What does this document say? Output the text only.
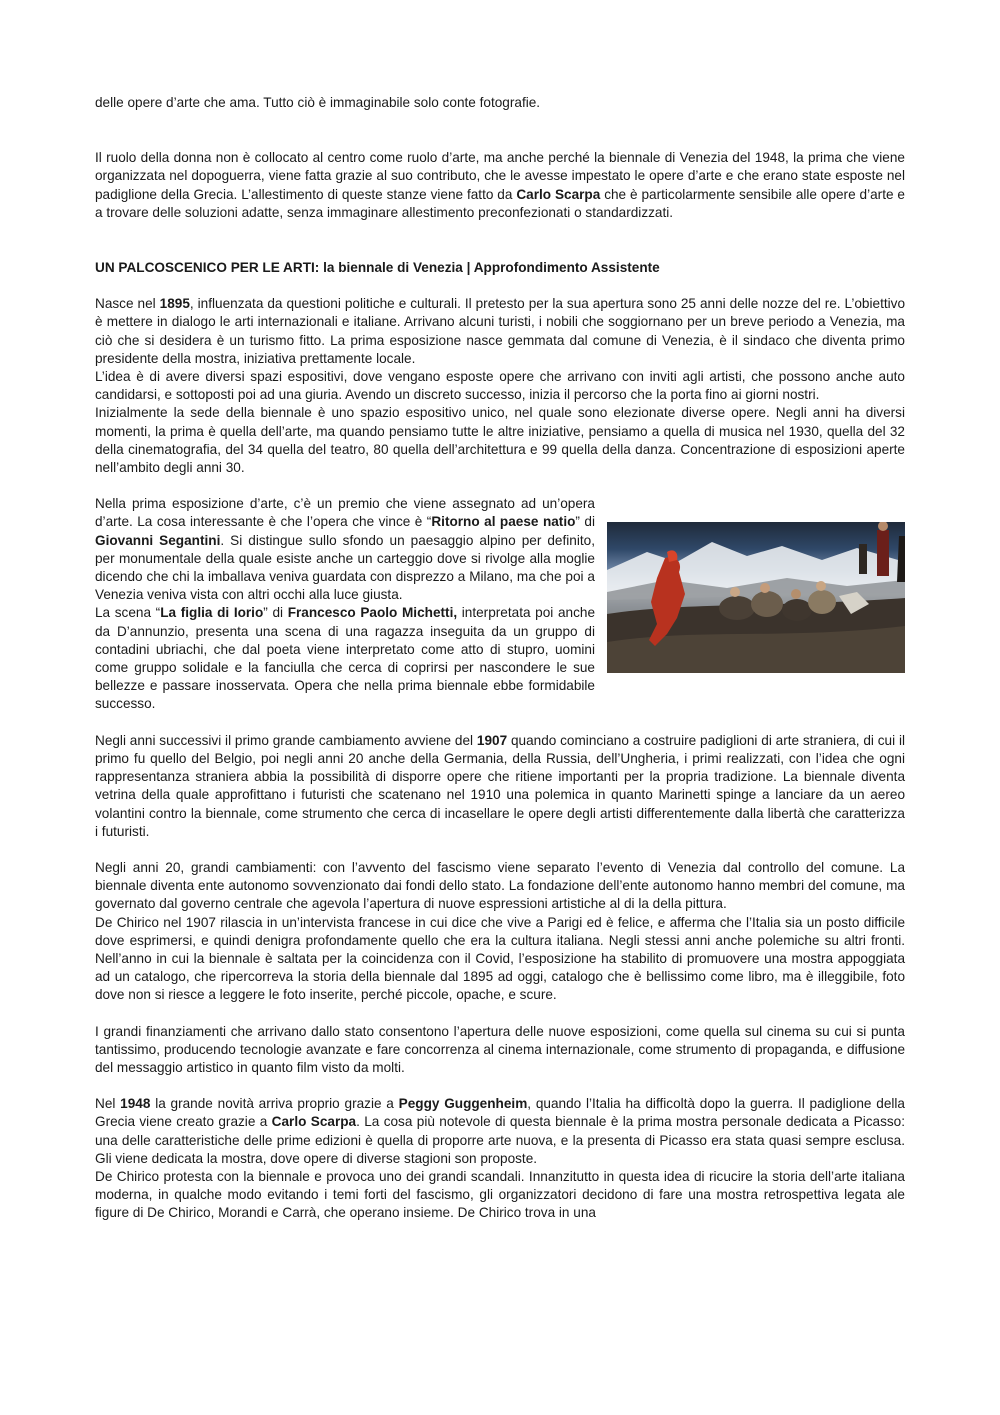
delle opere d’arte che ama. Tutto ciò è immaginabile solo conte fotografie.

Il ruolo della donna non è collocato al centro come ruolo d’arte, ma anche perché la biennale di Venezia del 1948, la prima che viene organizzata nel dopoguerra, viene fatta grazie al suo contributo, che le avesse impestato le opere d’arte e che erano state esposte nel padiglione della Grecia. L’allestimento di queste stanze viene fatto da Carlo Scarpa che è particolarmente sensibile alle opere d’arte e a trovare delle soluzioni adatte, senza immaginare allestimento preconfezionati o standardizzati.

UN PALCOSCENICO PER LE ARTI: la biennale di Venezia | Approfondimento Assistente

Nasce nel 1895, influenzata da questioni politiche e culturali. Il pretesto per la sua apertura sono 25 anni delle nozze del re. L’obiettivo è mettere in dialogo le arti internazionali e italiane. Arrivano alcuni turisti, i nobili che soggiornano per un breve periodo a Venezia, ma ciò che si desidera è un turismo fitto. La prima esposizione nasce gemmata dal comune di Venezia, è il sindaco che diventa primo presidente della mostra, iniziativa prettamente locale.

L’idea è di avere diversi spazi espositivi, dove vengano esposte opere che arrivano con inviti agli artisti, che possono anche auto candidarsi, e sottoposti poi ad una giuria. Avendo un discreto successo, inizia il percorso che la porta fino ai giorni nostri.

Inizialmente la sede della biennale è uno spazio espositivo unico, nel quale sono elezionate diverse opere. Negli anni ha diversi momenti, la prima è quella dell’arte, ma quando pensiamo tutte le altre iniziative, pensiamo a quella di musica nel 1930, quella del 32 della cinematografia, del 34 quella del teatro, 80 quella dell’architettura e 99 quella della danza. Concentrazione di esposizioni aperte nell’ambito degli anni 30.

Nella prima esposizione d’arte, c’è un premio che viene assegnato ad un’opera d’arte. La cosa interessante è che l’opera che vince è “Ritorno al paese natio” di Giovanni Segantini. Si distingue sullo sfondo un paesaggio alpino per definito, per monumentale della quale esiste anche un carteggio dove si rivolge alla moglie dicendo che chi la imballava veniva guardata con disprezzo a Milano, ma che poi a Venezia veniva vista con altri occhi alla luce giusta.

La scena “La figlia di Iorio” di Francesco Paolo Michetti, interpretata poi anche da D’annunzio, presenta una scena di una ragazza inseguita da un gruppo di contadini ubriachi, che dal poeta viene interpretato come atto di stupro, uomini come gruppo solidale e la fanciulla che cerca di coprirsi per nascondere le sue bellezze e passare inosservata. Opera che nella prima biennale ebbe formidabile successo.

Negli anni successivi il primo grande cambiamento avviene del 1907 quando cominciano a costruire padiglioni di arte straniera, di cui il primo fu quello del Belgio, poi negli anni 20 anche della Germania, della Russia, dell’Ungheria, i primi realizzati, con l’idea che ogni rappresentanza straniera abbia la possibilità di disporre opere che ritiene importanti per la propria tradizione. La biennale diventa vetrina della quale approfittano i futuristi che scatenano nel 1910 una polemica in quanto Marinetti spinge a lanciare da un aereo volantini contro la biennale, come strumento che cerca di incasellare le opere degli artisti differentemente dalla libertà che caratterizza i futuristi.

Negli anni 20, grandi cambiamenti: con l’avvento del fascismo viene separato l’evento di Venezia dal controllo del comune. La biennale diventa ente autonomo sovvenzionato dai fondi dello stato. La fondazione dell’ente autonomo hanno membri del comune, ma governato dal governo centrale che agevola l’apertura di nuove espressioni artistiche al di la della pittura.

De Chirico nel 1907 rilascia in un’intervista francese in cui dice che vive a Parigi ed è felice, e afferma che l’Italia sia un posto difficile dove esprimersi, e quindi denigra profondamente quello che era la cultura italiana. Negli stessi anni anche polemiche su altri fronti. Nell’anno in cui la biennale è saltata per la coincidenza con il Covid, l’esposizione ha stabilito di promuovere una mostra appoggiata ad un catalogo, che ripercorreva la storia della biennale dal 1895 ad oggi, catalogo che è bellissimo come libro, ma è illeggibile, foto dove non si riesce a leggere le foto inserite, perché piccole, opache, e scure.

I grandi finanziamenti che arrivano dallo stato consentono l’apertura delle nuove esposizioni, come quella sul cinema su cui si punta tantissimo, producendo tecnologie avanzate e fare concorrenza al cinema internazionale, come strumento di propaganda, e diffusione del messaggio artistico in quanto film visto da molti.

Nel 1948 la grande novità arriva proprio grazie a Peggy Guggenheim, quando l’Italia ha difficoltà dopo la guerra. Il padiglione della Grecia viene creato grazie a Carlo Scarpa. La cosa più notevole di questa biennale è la prima mostra personale dedicata a Picasso: una delle caratteristiche delle prime edizioni è quella di proporre arte nuova, e la presenta di Picasso era stata quasi sempre esclusa. Gli viene dedicata la mostra, dove opere di diverse stagioni son proposte.

De Chirico protesta con la biennale e provoca uno dei grandi scandali. Innanzitutto in questa idea di ricucire la storia dell’arte italiana moderna, in qualche modo evitando i temi forti del fascismo, gli organizzatori decidono di fare una mostra retrospettiva legata ale figure di De Chirico, Morandi e Carrà, che operano insieme. De Chirico trova in una
